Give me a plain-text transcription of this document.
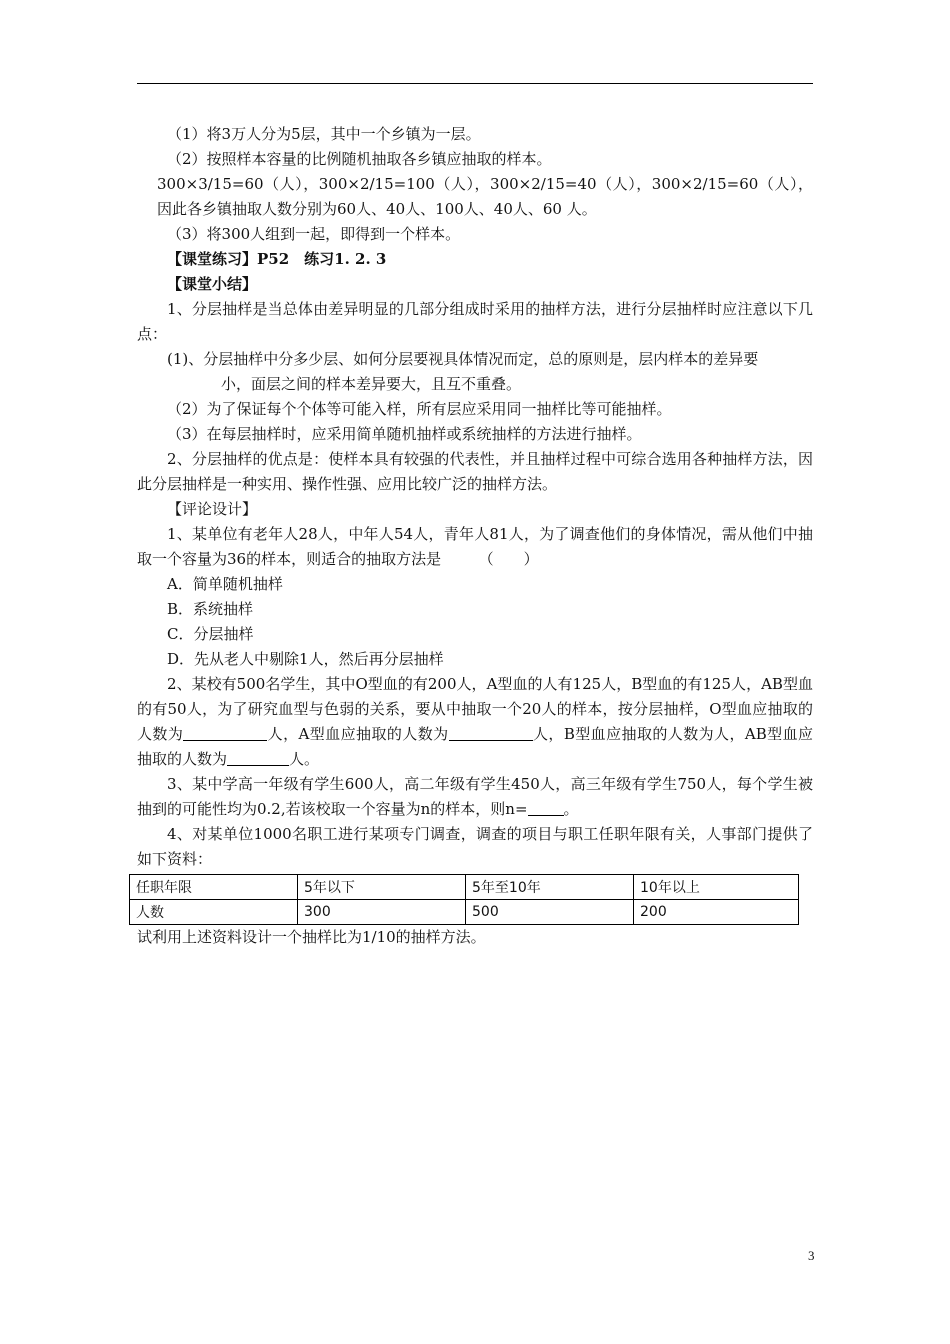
（1）将3万人分为5层，其中一个乡镇为一层。

（2）按照样本容量的比例随机抽取各乡镇应抽取的样本。

300×3/15=60（人），300×2/15=100（人），300×2/15=40（人），300×2/15=60（人），因此各乡镇抽取人数分别为60人、40人、100人、40人、60 人。

（3）将300人组到一起，即得到一个样本。

【课堂练习】P52　练习1. 2. 3

【课堂小结】

1、分层抽样是当总体由差异明显的几部分组成时采用的抽样方法，进行分层抽样时应注意以下几点：

(1)、分层抽样中分多少层、如何分层要视具体情况而定，总的原则是，层内样本的差异要

小，面层之间的样本差异要大，且互不重叠。

（2）为了保证每个个体等可能入样，所有层应采用同一抽样比等可能抽样。

（3）在每层抽样时，应采用简单随机抽样或系统抽样的方法进行抽样。

2、分层抽样的优点是：使样本具有较强的代表性，并且抽样过程中可综合选用各种抽样方法，因此分层抽样是一种实用、操作性强、应用比较广泛的抽样方法。

【评论设计】

1、某单位有老年人28人，中年人54人，青年人81人，为了调查他们的身体情况，需从他们中抽取一个容量为36的样本，则适合的抽取方法是　　　（　　）

A．简单随机抽样

B．系统抽样

C．分层抽样

D．先从老人中剔除1人，然后再分层抽样

2、某校有500名学生，其中O型血的有200人，A型血的人有125人，B型血的有125人，AB型血的有50人，为了研究血型与色弱的关系，要从中抽取一个20人的样本，按分层抽样，O型血应抽取的人数为	人，A型血应抽取的人数为	人，B型血应抽取的人数为人，AB型血应抽取的人数为	人。

3、某中学高一年级有学生600人，高二年级有学生450人，高三年级有学生750人，每个学生被抽到的可能性均为0.2,若该校取一个容量为n的样本，则n= 。

4、对某单位1000名职工进行某项专门调查，调查的项目与职工任职年限有关，人事部门提供了如下资料：

任职年限	5年以下	5年至10年	10年以上
人数	300	500	200

试利用上述资料设计一个抽样比为1/10的抽样方法。

3
